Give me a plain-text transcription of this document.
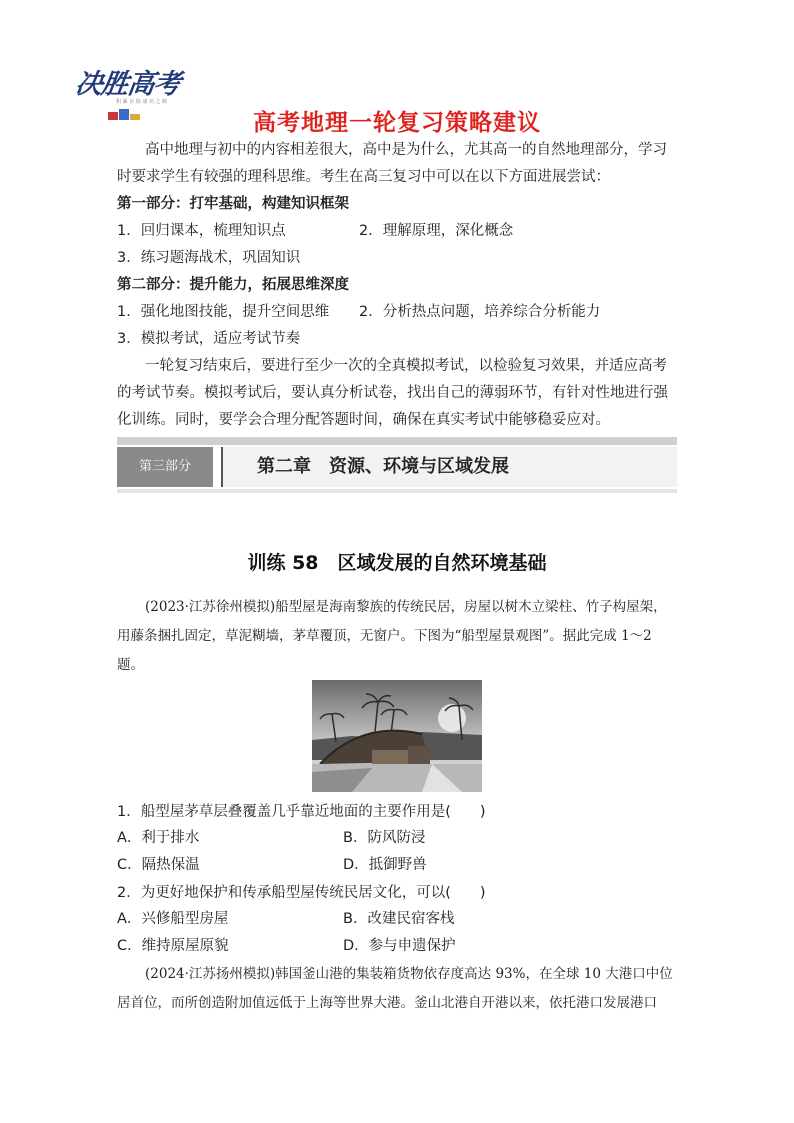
决胜高考
积 累 百 炼 成 功 之 路
高考地理一轮复习策略建议
高中地理与初中的内容相差很大，高中是为什么，尤其高一的自然地理部分，学习
时要求学生有较强的理科思维。考生在高三复习中可以在以下方面进展尝试：
第一部分：打牢基础，构建知识框架
1．回归课本，梳理知识点	2．理解原理，深化概念
3．练习题海战术，巩固知识
第二部分：提升能力，拓展思维深度
1．强化地图技能，提升空间思维 2．分析热点问题，培养综合分析能力
3．模拟考试，适应考试节奏
一轮复习结束后，要进行至少一次的全真模拟考试，以检验复习效果，并适应高考
的考试节奏。模拟考试后，要认真分析试卷，找出自己的薄弱环节，有针对性地进行强
化训练。同时，要学会合理分配答题时间，确保在真实考试中能够稳妥应对。
第三部分	第二章　资源、环境与区域发展
训练 58　区域发展的自然环境基础
(2023·江苏徐州模拟)船型屋是海南黎族的传统民居，房屋以树木立梁柱、竹子构屋架，
用藤条捆扎固定，草泥糊墙，茅草覆顶，无窗户。下图为“船型屋景观图”。据此完成 1～2
题。
1．船型屋茅草层叠覆盖几乎靠近地面的主要作用是(　　)
A．利于排水	B．防风防浸
C．隔热保温	D．抵御野兽
2．为更好地保护和传承船型屋传统民居文化，可以(　　)
A．兴修船型房屋	B．改建民宿客栈
C．维持原屋原貌	D．参与申遗保护
(2024·江苏扬州模拟)韩国釜山港的集装箱货物依存度高达 93%，在全球 10 大港口中位
居首位，而所创造附加值远低于上海等世界大港。釜山北港自开港以来，依托港口发展港口
